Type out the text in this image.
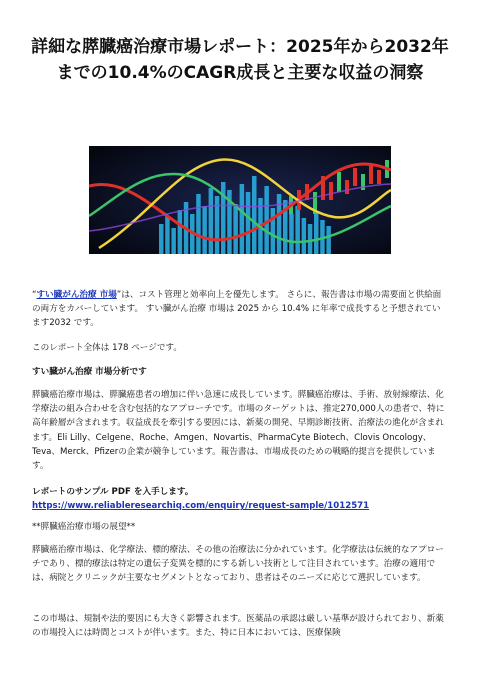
詳細な膵臓癌治療市場レポート：2025年から2032年までの10.4%のCAGR成長と主要な収益の洞察

“すい臓がん治療 市場”は、コスト管理と効率向上を優先します。 さらに、報告書は市場の需要面と供給面の両方をカバーしています。 すい臓がん治療 市場は 2025 から 10.4% に年率で成長すると予想されています2032 です。

このレポート全体は 178 ページです。

すい臓がん治療 市場分析です

膵臓癌治療市場は、膵臓癌患者の増加に伴い急速に成長しています。膵臓癌治療は、手術、放射線療法、化学療法の組み合わせを含む包括的なアプローチです。市場のターゲットは、推定270,000人の患者で、特に高年齢層が含まれます。収益成長を牽引する要因には、新薬の開発、早期診断技術、治療法の進化が含まれます。Eli Lilly、Celgene、Roche、Amgen、Novartis、PharmaCyte Biotech、Clovis Oncology、Teva、Merck、Pfizerの企業が競争しています。報告書は、市場成長のための戦略的提言を提供しています。

レポートのサンプル PDF を入手します。 https://www.reliableresearchiq.com/enquiry/request-sample/1012571

**膵臓癌治療市場の展望**

膵臓癌治療市場は、化学療法、標的療法、その他の治療法に分かれています。化学療法は伝統的なアプローチであり、標的療法は特定の遺伝子変異を標的にする新しい技術として注目されています。治療の適用では、病院とクリニックが主要なセグメントとなっており、患者はそのニーズに応じて選択しています。

この市場は、規制や法的要因にも大きく影響されます。医薬品の承認は厳しい基準が設けられており、新薬の市場投入には時間とコストが伴います。また、特に日本においては、医療保険
